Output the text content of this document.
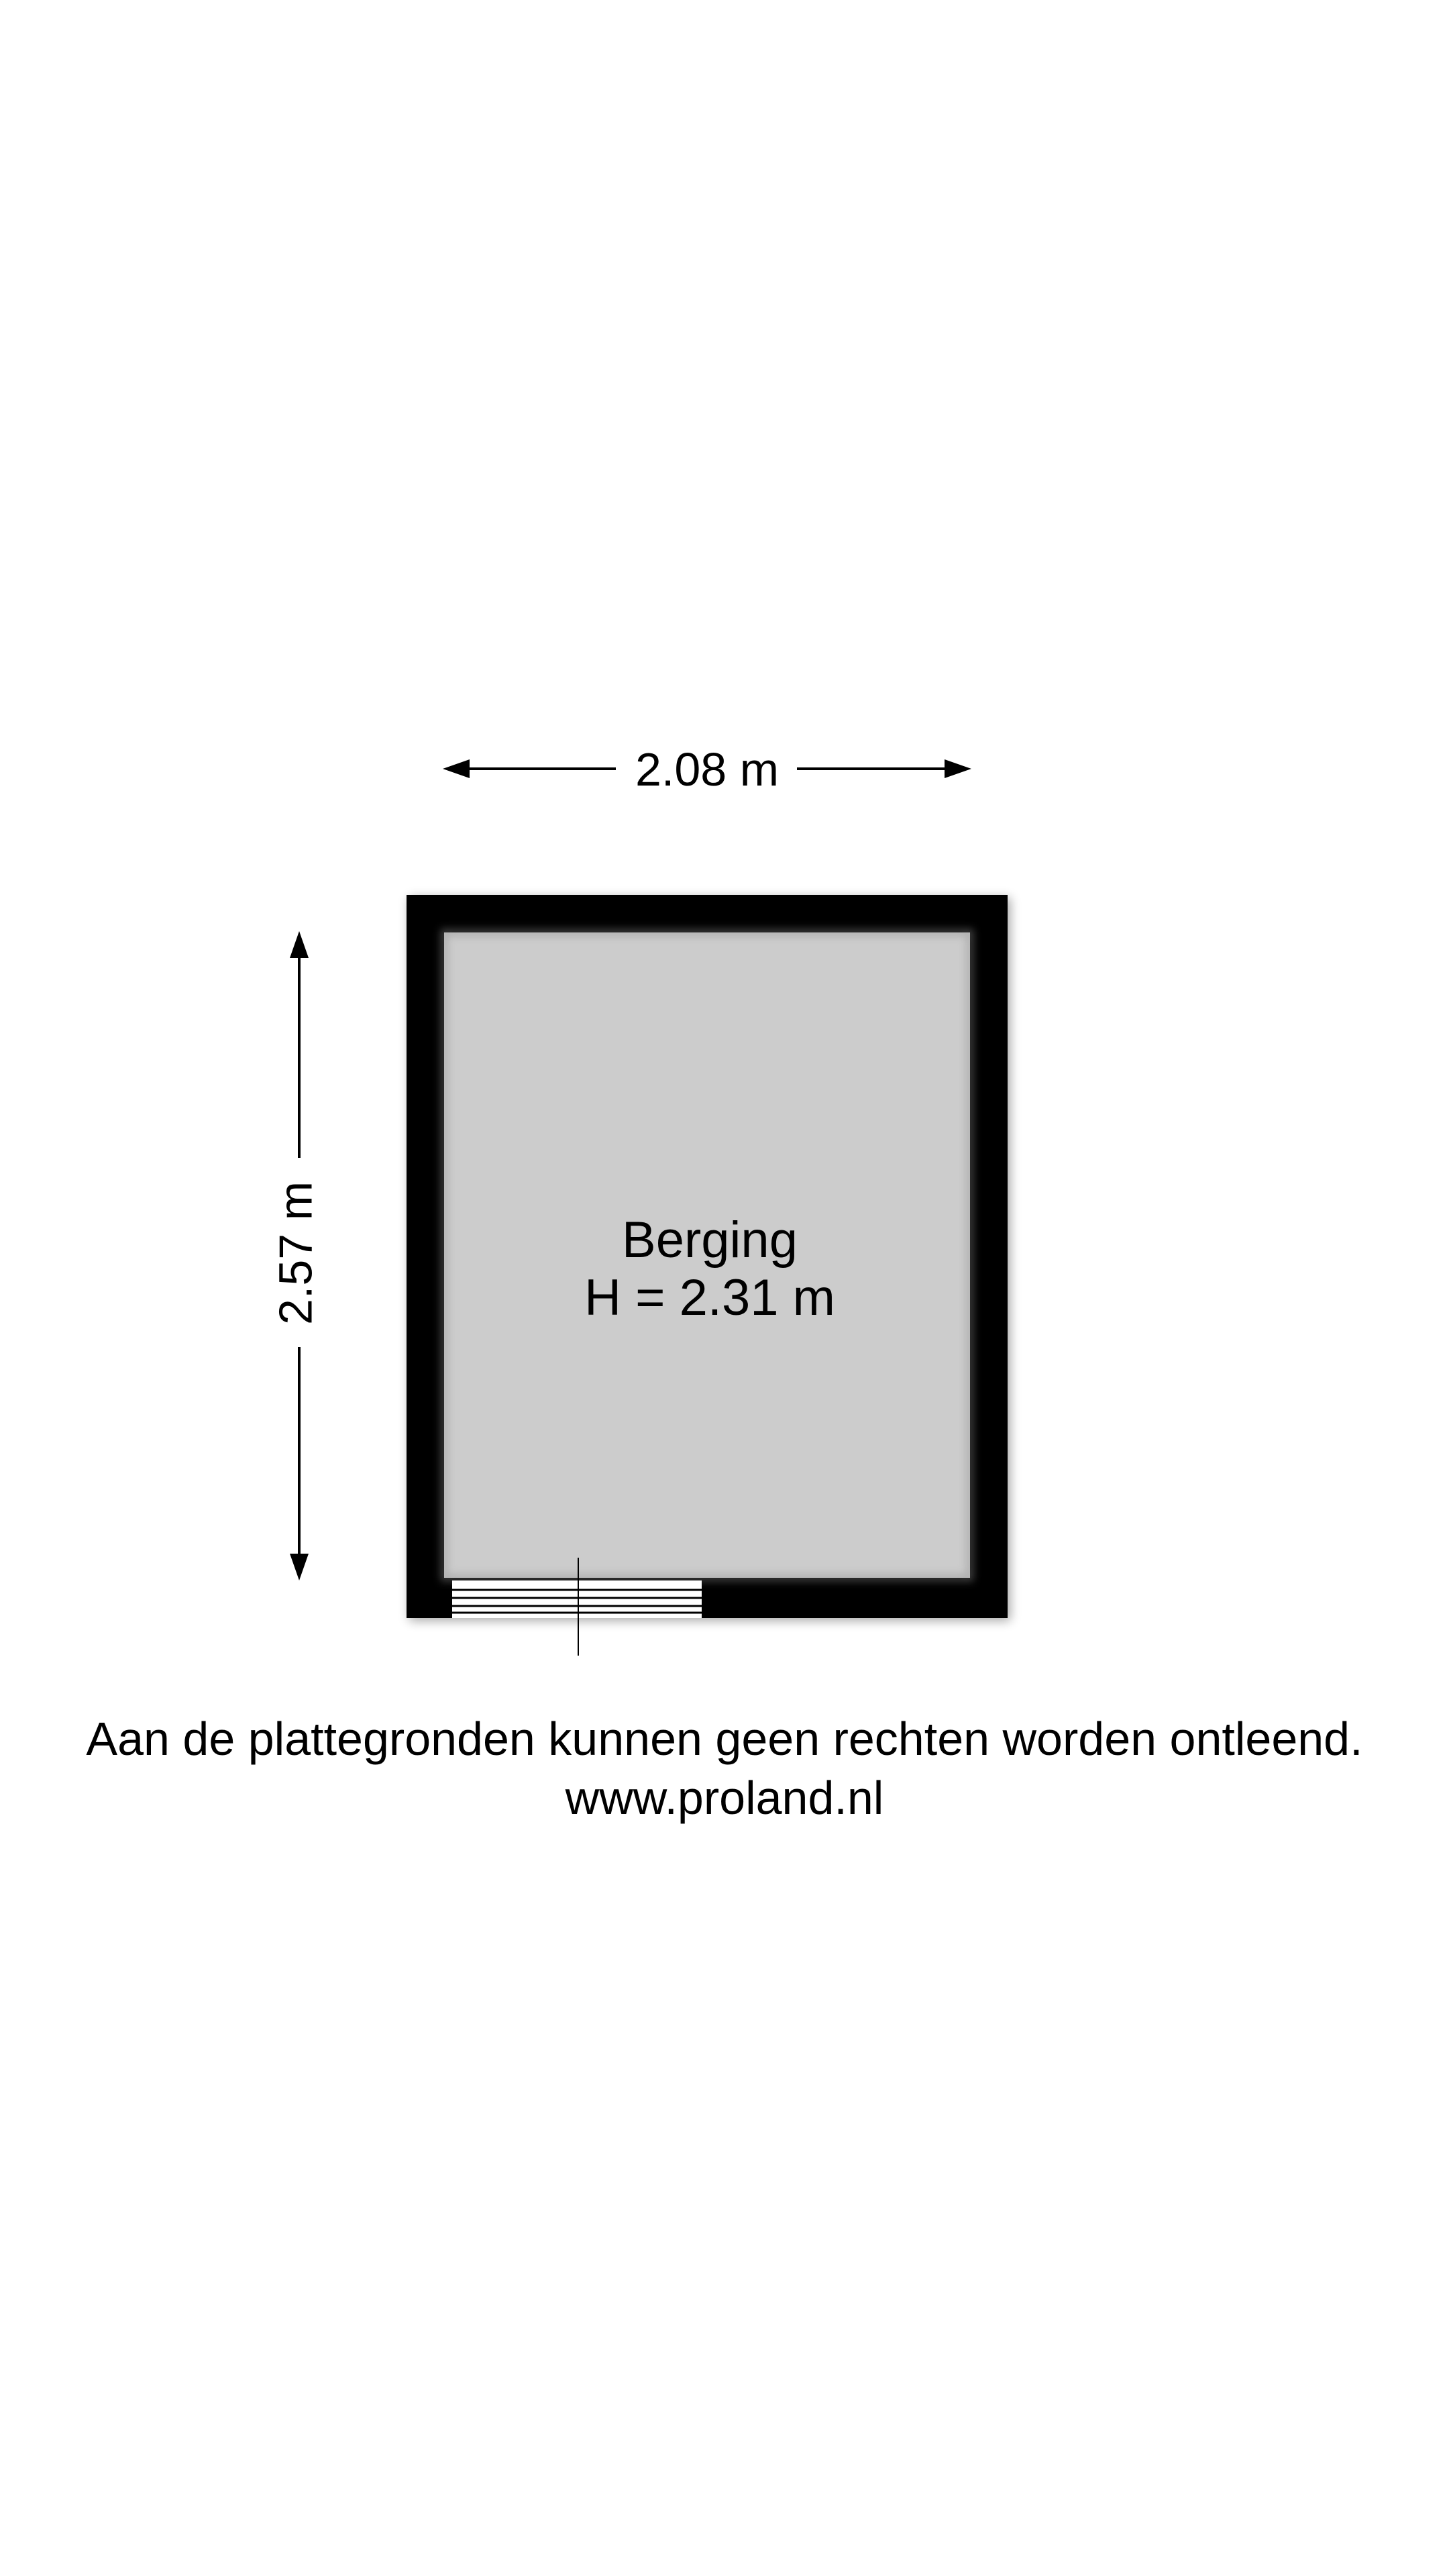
2.08 m
2.57 m	Berging
H = 2.31 m
Aan de plattegronden kunnen geen rechten worden ontleend.
www.proland.nl
